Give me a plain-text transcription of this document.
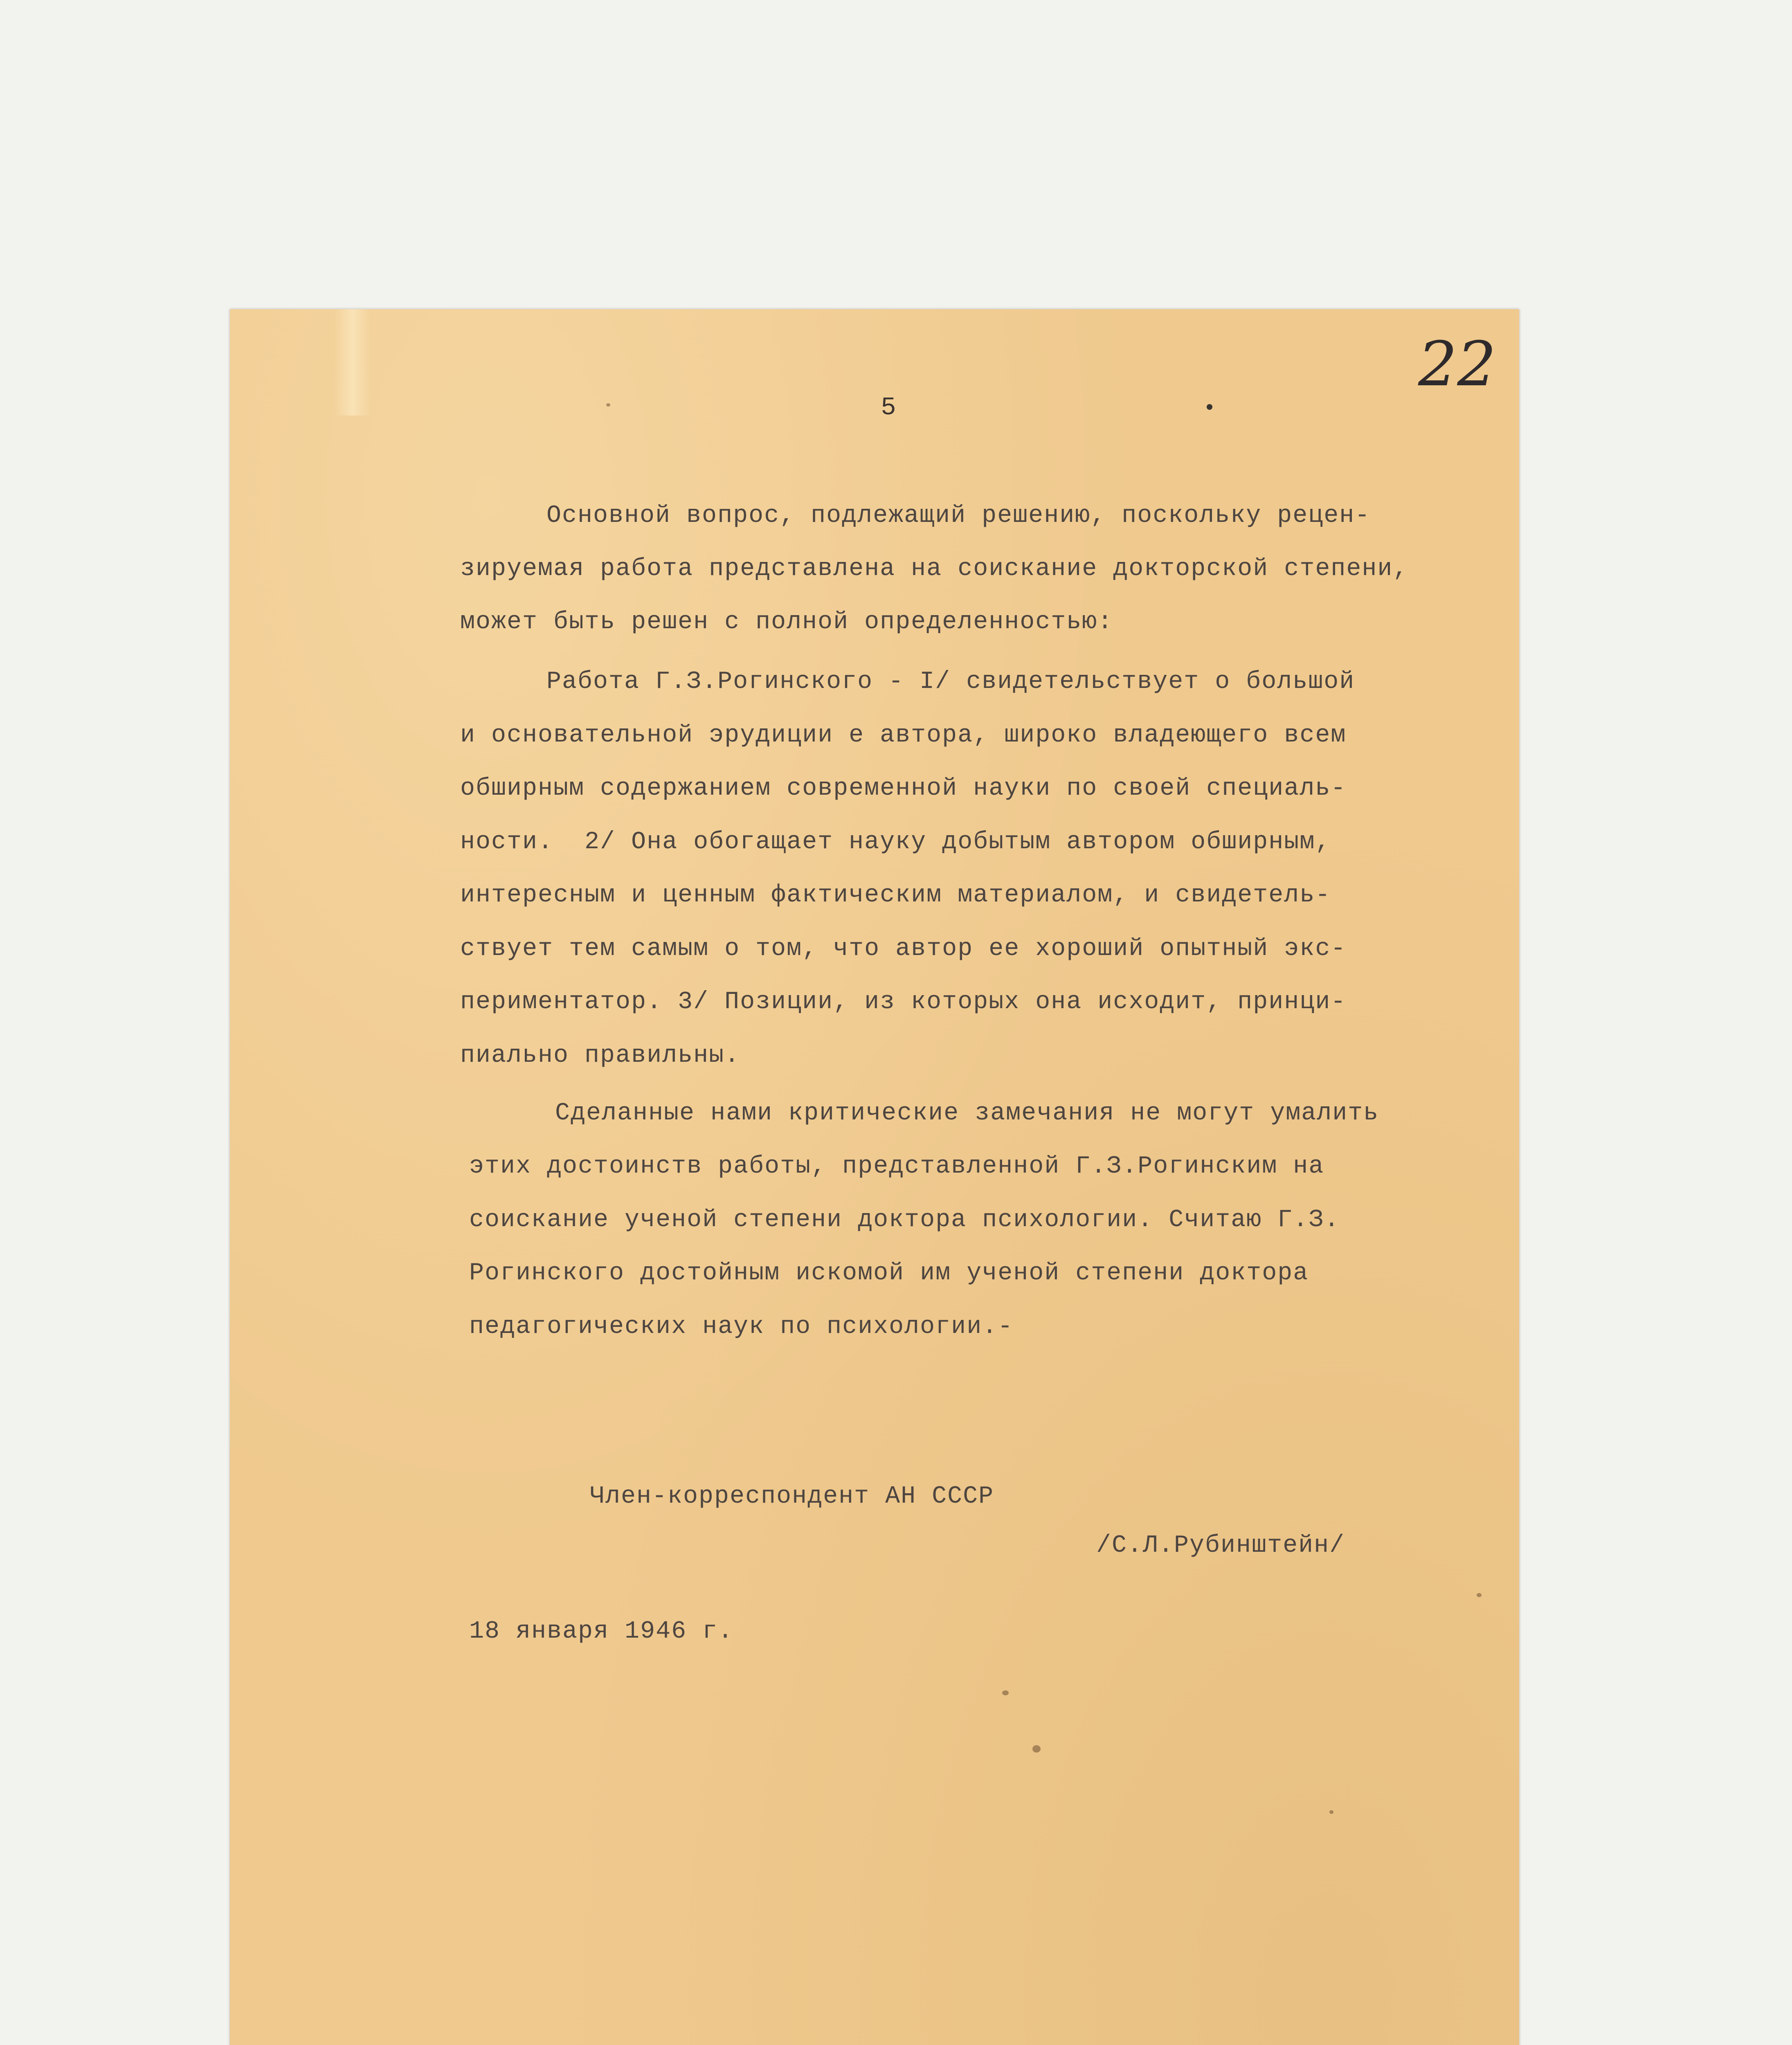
5
22
Основной вопрос, подлежащий решению, поскольку рецен-
зируемая работа представлена на соискание докторской степени,
может быть решен с полной определенностью:
Работа Г.З.Рогинского - I/ свидетельствует о большой
и основательной эрудиции е автора, широко владеющего всем
обширным содержанием современной науки по своей специаль-
ности.  2/ Она обогащает науку добытым автором обширным,
интересным и ценным фактическим материалом, и свидетель-
ствует тем самым о том, что автор ее хороший опытный экс-
периментатор. 3/ Позиции, из которых она исходит, принци-
пиально правильны.
Сделанные нами критические замечания не могут умалить
этих достоинств работы, представленной Г.З.Рогинским на
соискание ученой степени доктора психологии. Считаю Г.З.
Рогинского достойным искомой им ученой степени доктора
педагогических наук по психологии.-
Член-корреспондент АН СССР
/С.Л.Рубинштейн/
18 января 1946 г.
